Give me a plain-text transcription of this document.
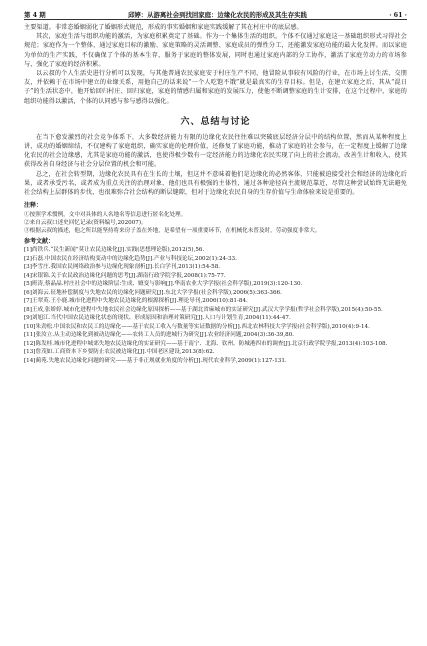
第 4 期	邱婷：从游离社会到找回家庭：边缘化农民的形成及其生存实践	· 61 ·

主要渠道。非常态婚姻弱化了婚姻形式规范，形成的事实婚姻和家庭实践缓解了其在村庄中的底层感。

其次，家庭生活与组织功能的激活，为家庭积累奠定了基础。作为一个集体生活的组织，个体不仅通过家庭这一基础组织形式习得社会规范；家庭作为一个整体，通过家庭目标的激励、家庭策略的灵活调整、家庭成员的弹性分工，还能激发家庭功能的最大化发挥。而以家庭为单位的生产实践，不仅确保了个体的基本生存，服务于家庭的整体发展，同时也通过家庭内部的分工协作，激活了家庭劳动力的市场参与，强化了家庭的经济积累。

以云叔的个人生活史进行分析可以发现，与其他普通农民家庭安于村庄生产不同，他冒险从事较有风险的行业，在市场上讨生活，交朋友，并依赖于在市场中建立的业缘关系，用他自己的话来说“一个人吃饱不饿”就是最真实的生存目标。但是，在建立家庭之后，其从“混日子”的生活状态中，他开始回归村庄、回归家庭，家庭的情感归属和家庭的发展压力，使他不断调整家庭的生计安排，在这个过程中，家庭的组织功能得以激活，个体的认同感与参与感得以强化。

六、总结与讨论

在当下愈发激烈的社会竞争体系下，大多数经济能力有限的边缘化农民往往难以突破底层经济分层中的结构位置，然而从某种程度上讲，成功的婚姻缔结，不仅建构了家庭组织，确实家庭的伦理价值，还修复了家庭功能，推动了家庭的社会参与，在一定程度上缓解了边缘化农民的社会边缘感，尤其是家庭功能的激活，也使得极少数有一定经济能力的边缘化农民实现了向上的社会流动，改善生计和收入，使其获得改善自身经济与社会分层位置的机会和可能。

总之，在社会转型期，边缘化农民具有在生长的土壤，但这并不意味着他们是边缘化的必然客体，只能被迫接受社会和经济的边缘化后果，或者承受污名，或者成为重点关注的治理对象，他们也具有极强的主体性，通过各种途径向主流规范靠近，尽管这种尝试始终无法避免社会结构上层群体的步伐，也很难弥合社会结构的断层缝隙，但对于边缘化农民自身的生存价值与生命体验来说是重要的。

注释：

①按照学术惯例，文中对具体的人名地名等信息进行匿名化处理。

②来自云叔口述史回忆记录(资料编号,202007)。

③根据云叔的描述，他之所以能坚持将来房子盖在外地，是希望有一项重要环节，在机械化未普及时，劳动强度非常大。

参考文献：

[1]尚铁兵.“民生新闻”莫让农民边缘化[J].实践(思想理论版),2012(5),56.

[2]石磊.中国农民在经济结构变动中的边缘化趋势[J].产业与科技论坛,2002(1):24-33.

[3]李雪庄.我国农民网络政治参与边缘化现象剖析[J].长白学刊,2013(1):54-58.

[4]宋银锦.关于农民政治边缘化问题的思考[J].湖南行政学院学报,2008(1):75-77.

[5]班涛,蔡晶晶.村庄社会中的边缘阶层:生成、嬗变与影响[J].华南农业大学学报(社会科学版),2019(3):120-130.

[6]刘海云.征地补偿制度与失地农民的边缘化问题研究[J].东北大学学报(社会科学版),2006(5):363-366.

[7]王翠英.王小鹿.城市化进程中失地农民边缘化的根源探析[J].理论导刊,2006(10):81-84.

[8]王成,张娇婷.城市化进程中失地农民社会边缘化原因探析——基于湖北省麻城市的实证研究[J].武汉大学学报(哲学社会科学版),2015(4):50-55.

[9]刘旭江.当代中国农民边缘化状态的现状、形成原因和治理对策研究[J].人口与计划生育,2004(11):44-47.

[10]朱劲松.中国农民和农民工的边缘化——基于农民工收入与数量等实证数据的分析[J].西北农林科技大学学报(社会科学版),2010(4):9-14.

[11]张汝立.从主动边缘化到被动边缘化——农转工人员的进城行为研究[J].农业经济问题,2004(3):36-39,80.

[12]陈发桂.城市化进程中城郊失地农民边缘化的实证研究——基于南宁、北海、钦州、防城港四市的调查[J].北京行政学院学报,2013(4):103-108.

[13]詹茂如.工商资本下乡要防止农民被边缘化[J].中国老区建设,2013(8):62.

[14]蔺苑.失地农民边缘化问题的研究——基于非正规就业角度的分析[J].现代农业科学,2009(1):127-131.
